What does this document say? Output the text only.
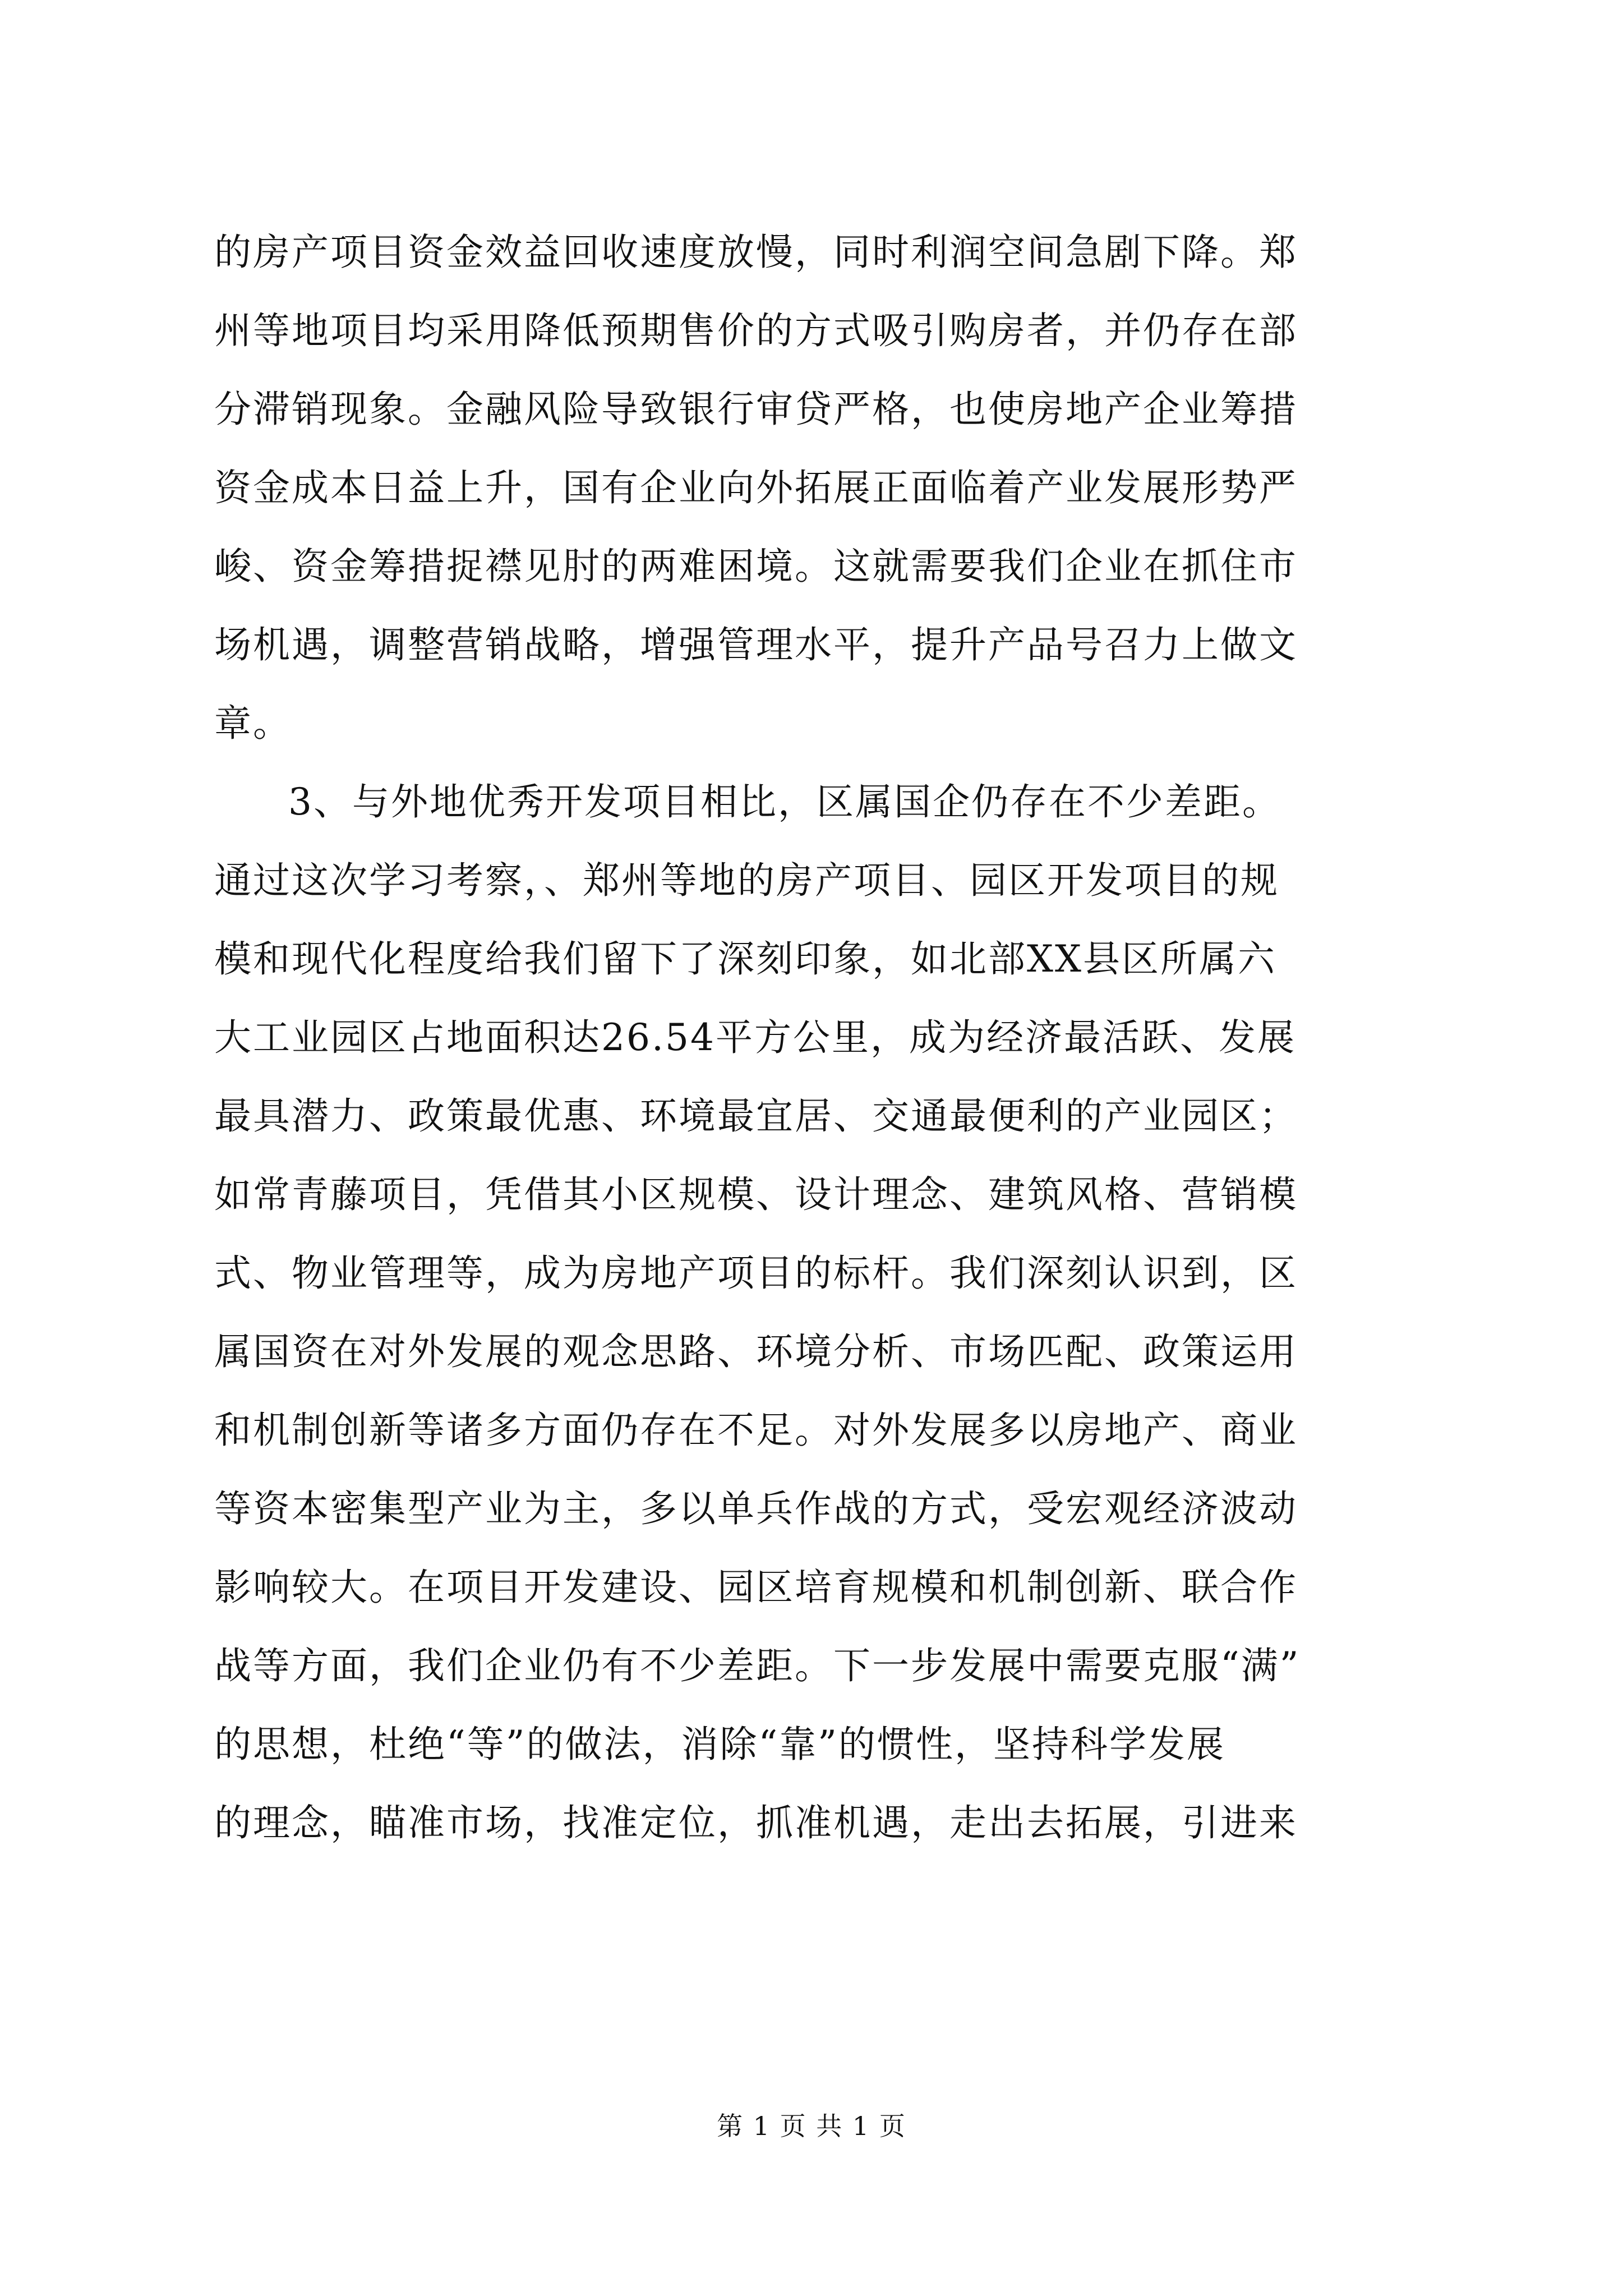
的房产项目资金效益回收速度放慢，同时利润空间急剧下降。郑
州等地项目均采用降低预期售价的方式吸引购房者，并仍存在部
分滞销现象。金融风险导致银行审贷严格，也使房地产企业筹措
资金成本日益上升，国有企业向外拓展正面临着产业发展形势严
峻、资金筹措捉襟见肘的两难困境。这就需要我们企业在抓住市
场机遇，调整营销战略，增强管理水平，提升产品号召力上做文
章。
3、与外地优秀开发项目相比，区属国企仍存在不少差距。
通过这次学习考察，、郑州等地的房产项目、园区开发项目的规
模和现代化程度给我们留下了深刻印象，如北部XX县区所属六
大工业园区占地面积达26.54平方公里，成为经济最活跃、发展
最具潜力、政策最优惠、环境最宜居、交通最便利的产业园区；
如常青藤项目，凭借其小区规模、设计理念、建筑风格、营销模
式、物业管理等，成为房地产项目的标杆。我们深刻认识到，区
属国资在对外发展的观念思路、环境分析、市场匹配、政策运用
和机制创新等诸多方面仍存在不足。对外发展多以房地产、商业
等资本密集型产业为主，多以单兵作战的方式，受宏观经济波动
影响较大。在项目开发建设、园区培育规模和机制创新、联合作
战等方面，我们企业仍有不少差距。下一步发展中需要克服“满”
的思想，杜绝“等”的做法，消除“靠”的惯性，坚持科学发展
的理念，瞄准市场，找准定位，抓准机遇，走出去拓展，引进来
第 1 页 共 1 页
